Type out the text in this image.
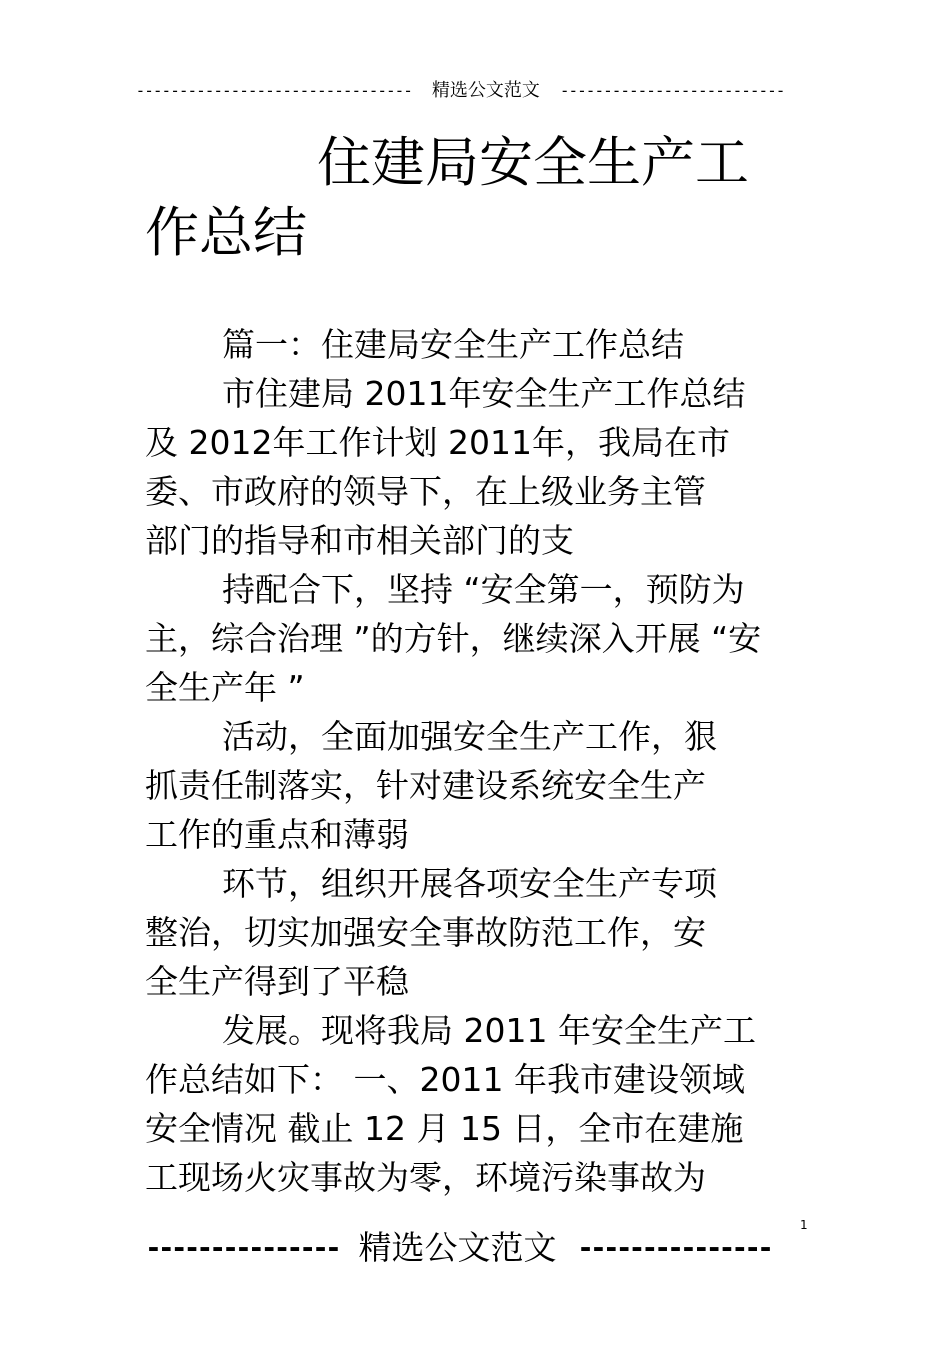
-------------------------------- 精选公文范文 --------------------------
住建局安全生产工
作总结
篇一：住建局安全生产工作总结
市住建局 2011年安全生产工作总结
及 2012年工作计划 2011年，我局在市
委、市政府的领导下，在上级业务主管
部门的指导和市相关部门的支
持配合下，坚持 “安全第一，预防为
主，综合治理 ”的方针，继续深入开展 “安
全生产年 ”
活动，全面加强安全生产工作，狠
抓责任制落实，针对建设系统安全生产
工作的重点和薄弱
环节，组织开展各项安全生产专项
整治，切实加强安全事故防范工作，安
全生产得到了平稳
发展。现将我局 2011 年安全生产工
作总结如下： 一、2011 年我市建设领域
安全情况 截止 12 月 15 日，全市在建施
工现场火灾事故为零，环境污染事故为
1
--------------- 精选公文范文 ---------------
